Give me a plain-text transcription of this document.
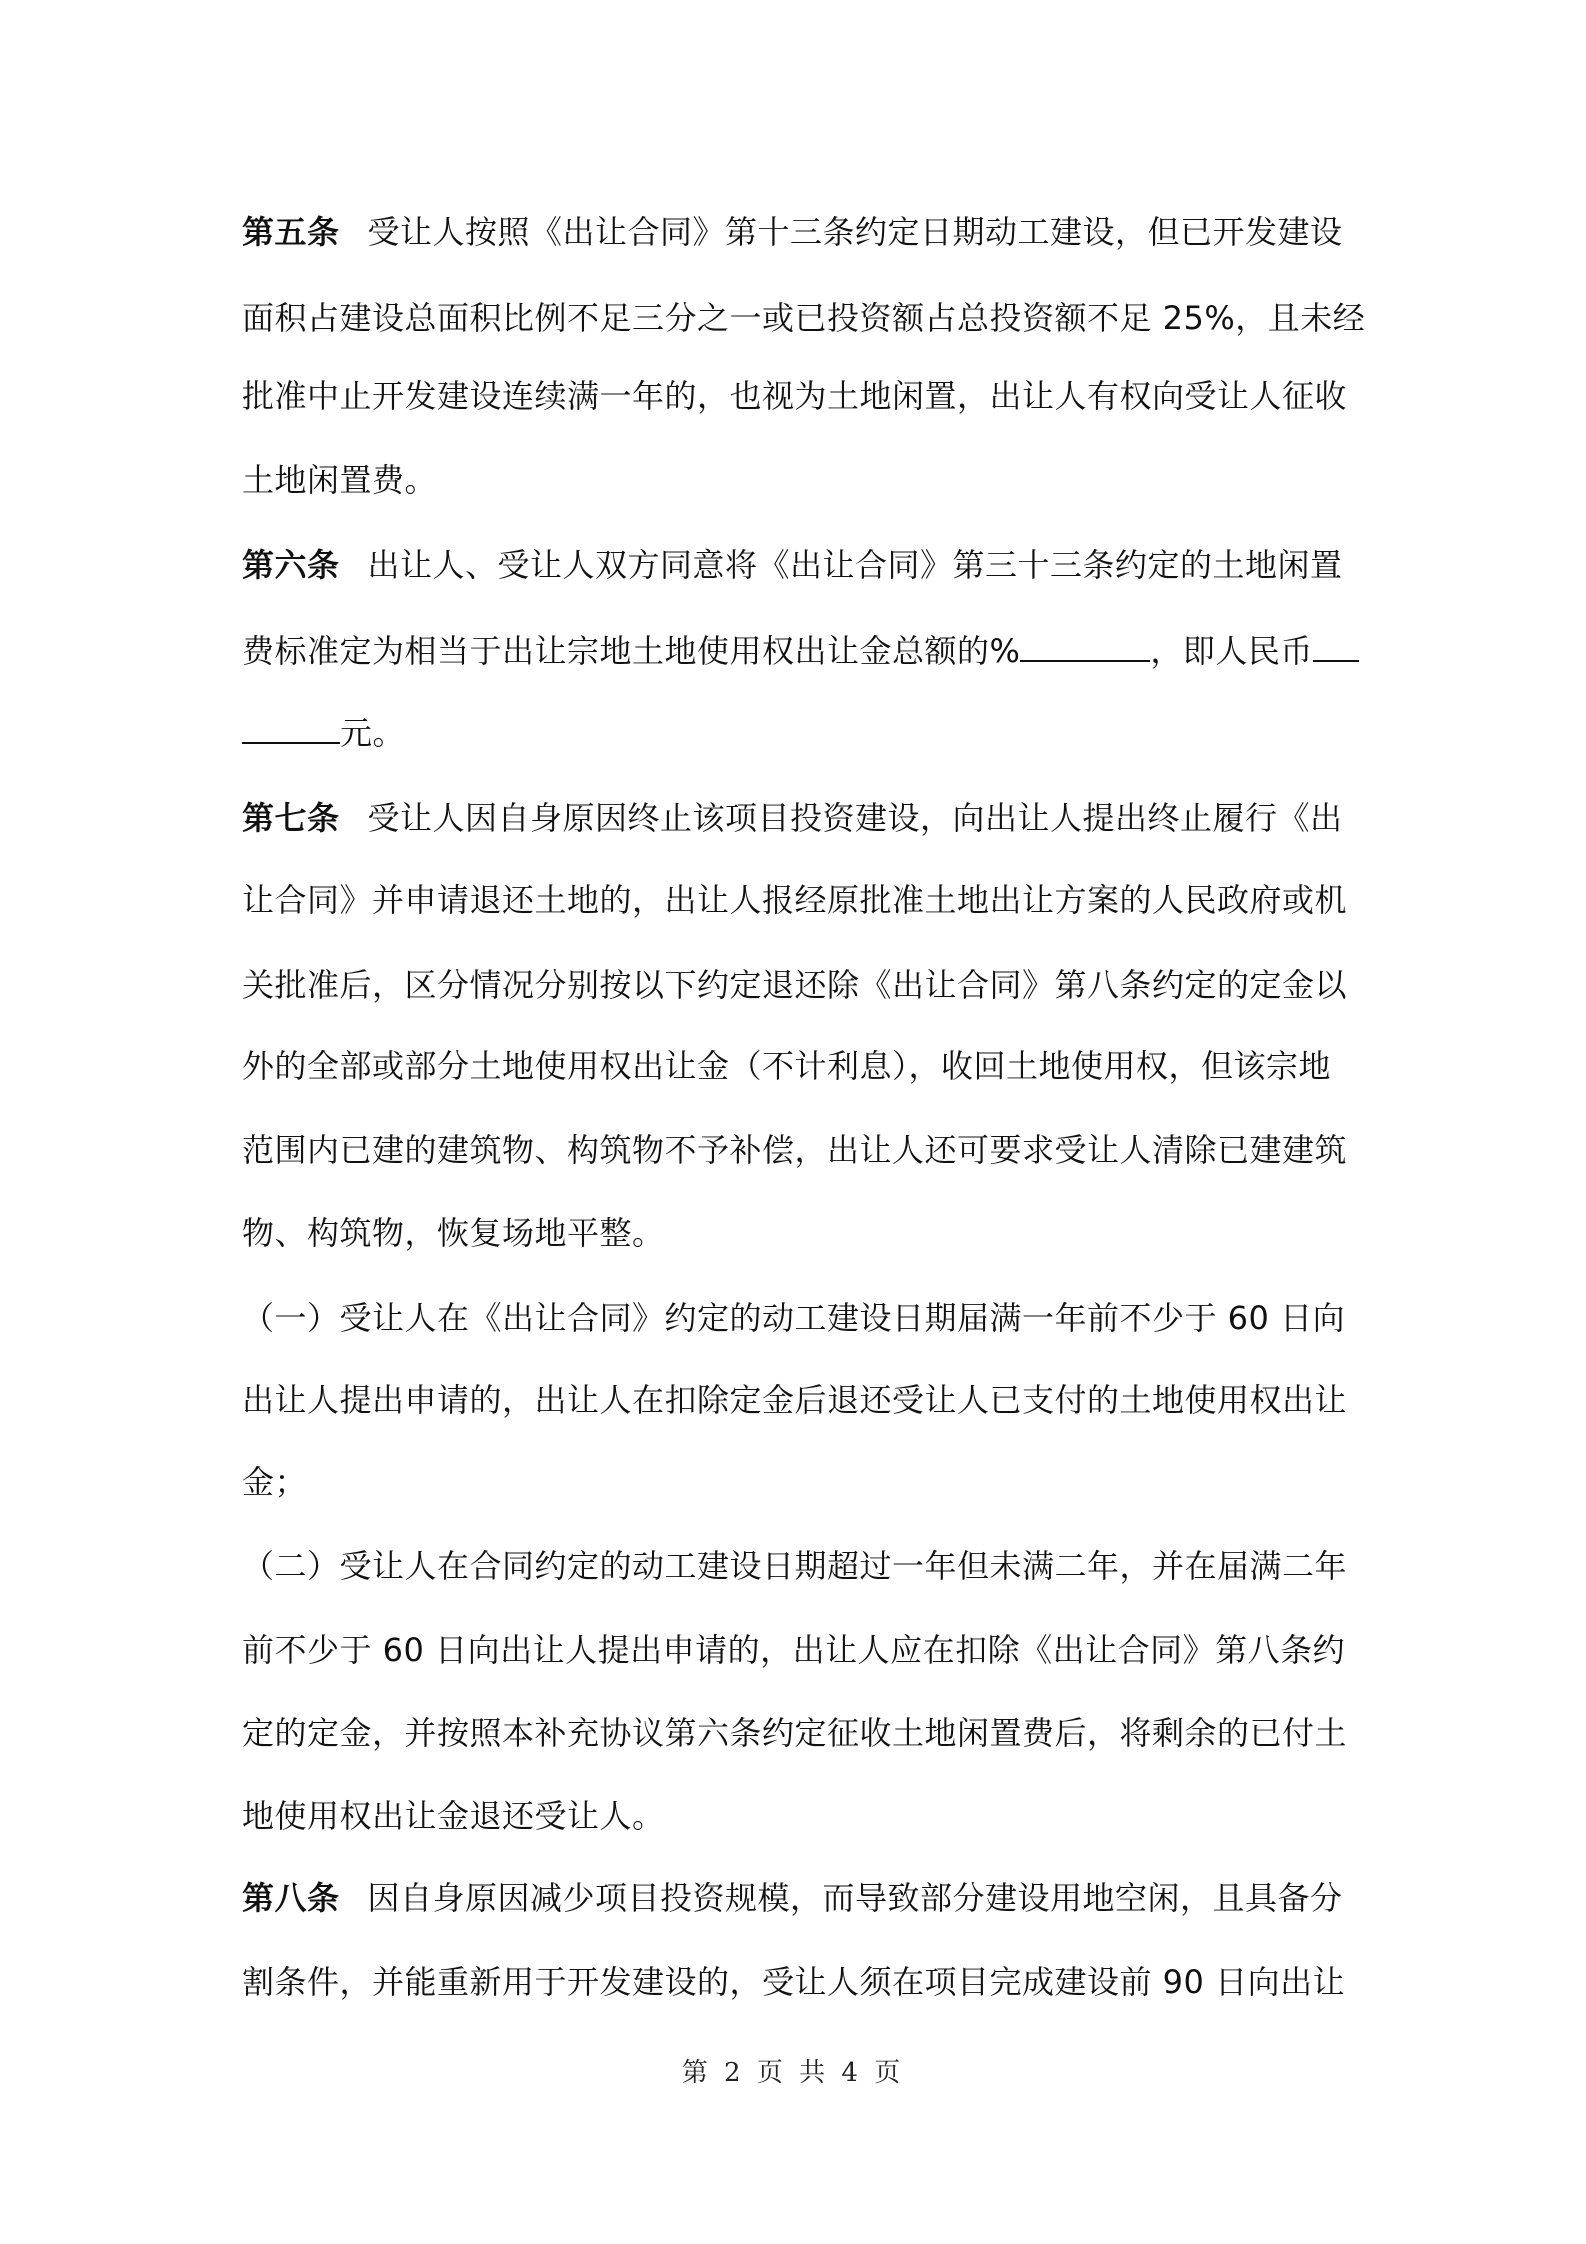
第五条 受让人按照《出让合同》第十三条约定日期动工建设，但已开发建设
面积占建设总面积比例不足三分之一或已投资额占总投资额不足 25%，且未经
批准中止开发建设连续满一年的，也视为土地闲置，出让人有权向受让人征收
土地闲置费。
第六条 出让人、受让人双方同意将《出让合同》第三十三条约定的土地闲置
费标准定为相当于出让宗地土地使用权出让金总额的%	，即人民币
元。
第七条 受让人因自身原因终止该项目投资建设，向出让人提出终止履行《出
让合同》并申请退还土地的，出让人报经原批准土地出让方案的人民政府或机
关批准后，区分情况分别按以下约定退还除《出让合同》第八条约定的定金以
外的全部或部分土地使用权出让金（不计利息），收回土地使用权，但该宗地
范围内已建的建筑物、构筑物不予补偿，出让人还可要求受让人清除已建建筑
物、构筑物，恢复场地平整。
（一）受让人在《出让合同》约定的动工建设日期届满一年前不少于 60 日向
出让人提出申请的，出让人在扣除定金后退还受让人已支付的土地使用权出让
金；
（二）受让人在合同约定的动工建设日期超过一年但未满二年，并在届满二年
前不少于 60 日向出让人提出申请的，出让人应在扣除《出让合同》第八条约
定的定金，并按照本补充协议第六条约定征收土地闲置费后，将剩余的已付土
地使用权出让金退还受让人。
第八条 因自身原因减少项目投资规模，而导致部分建设用地空闲，且具备分
割条件，并能重新用于开发建设的，受让人须在项目完成建设前 90 日向出让
第 2 页 共 4 页
